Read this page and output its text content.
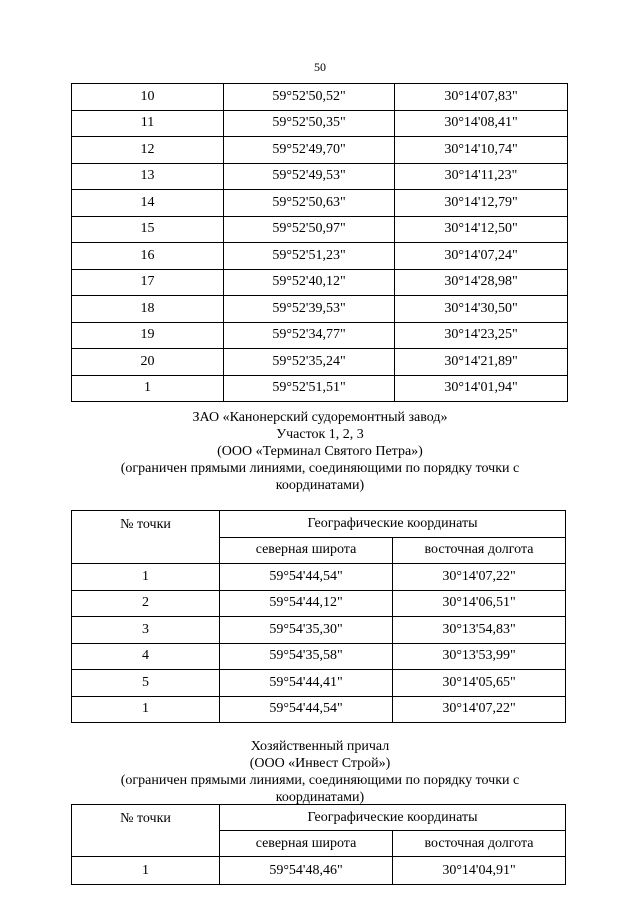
50
10	59°52'50,52"	30°14'07,83"
11	59°52'50,35"	30°14'08,41"
12	59°52'49,70"	30°14'10,74"
13	59°52'49,53"	30°14'11,23"
14	59°52'50,63"	30°14'12,79"
15	59°52'50,97"	30°14'12,50"
16	59°52'51,23"	30°14'07,24"
17	59°52'40,12"	30°14'28,98"
18	59°52'39,53"	30°14'30,50"
19	59°52'34,77"	30°14'23,25"
20	59°52'35,24"	30°14'21,89"
1	59°52'51,51"	30°14'01,94"
ЗАО «Канонерский судоремонтный завод»
Участок 1, 2, 3
(ООО «Терминал Святого Петра»)
(ограничен прямыми линиями, соединяющими по порядку точки с
координатами)
№ точки	Географические координаты	
	северная широта	восточная долгота
1	59°54'44,54"	30°14'07,22"
2	59°54'44,12"	30°14'06,51"
3	59°54'35,30"	30°13'54,83"
4	59°54'35,58"	30°13'53,99"
5	59°54'44,41"	30°14'05,65"
1	59°54'44,54"	30°14'07,22"
Хозяйственный причал
(ООО «Инвест Строй»)
(ограничен прямыми линиями, соединяющими по порядку точки с
координатами)
№ точки	Географические координаты	
	северная широта	восточная долгота
1	59°54'48,46"	30°14'04,91"
